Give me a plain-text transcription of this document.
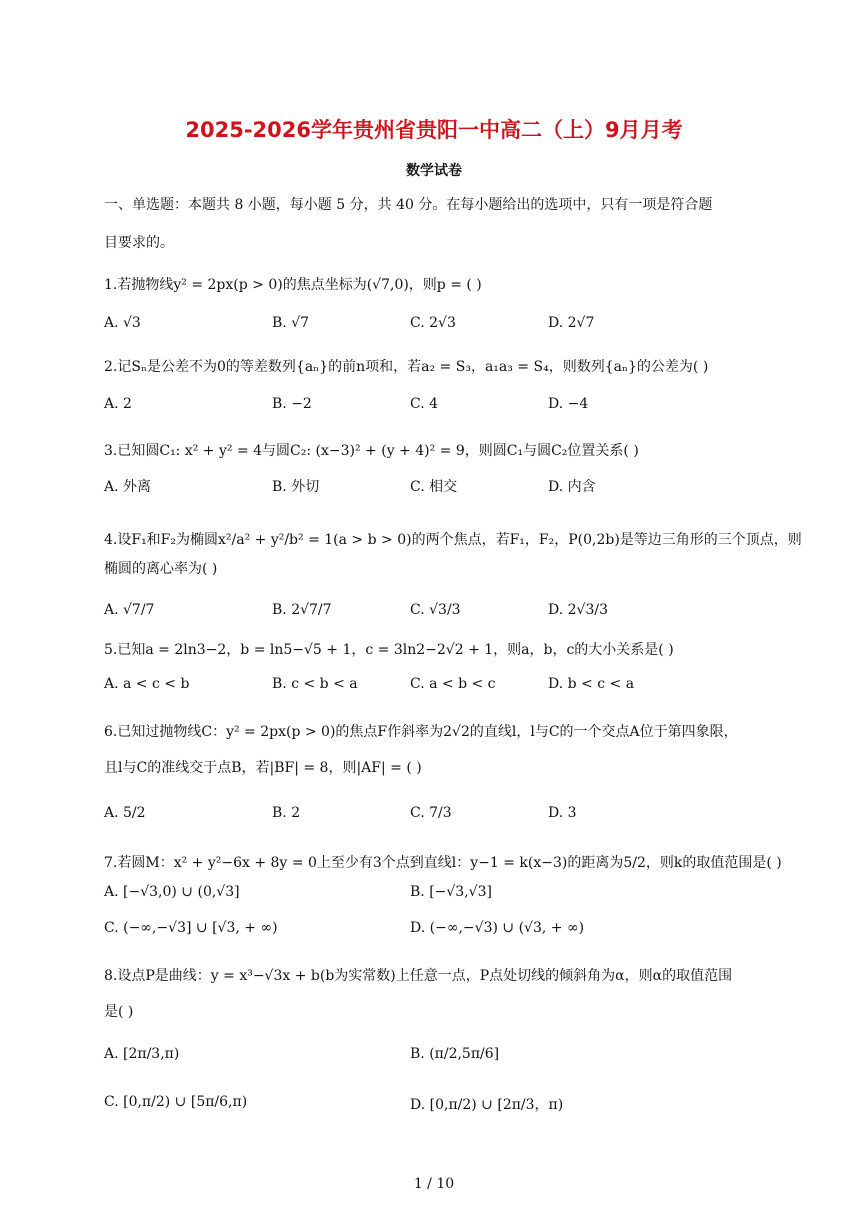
2025-2026学年贵州省贵阳一中高二（上）9月月考
数学试卷
一、单选题：本题共 8 小题，每小题 5 分，共 40 分。在每小题给出的选项中，只有一项是符合题
目要求的。
1.若抛物线y² = 2px(p > 0)的焦点坐标为(√7,0)，则p = ( )
A. √3	B. √7	C. 2√3	D. 2√7
2.记Sₙ是公差不为0的等差数列{aₙ}的前n项和，若a₂ = S₃，a₁a₃ = S₄，则数列{aₙ}的公差为( )
A. 2	B. −2	C. 4	D. −4
3.已知圆C₁: x² + y² = 4与圆C₂: (x−3)² + (y + 4)² = 9，则圆C₁与圆C₂位置关系( )
A. 外离	B. 外切	C. 相交	D. 内含
4.设F₁和F₂为椭圆x²/a² + y²/b² = 1(a > b > 0)的两个焦点，若F₁，F₂，P(0,2b)是等边三角形的三个顶点，则
椭圆的离心率为( )
A. √7/7	B. 2√7/7	C. √3/3	D. 2√3/3
5.已知a = 2ln3−2，b = ln5−√5 + 1，c = 3ln2−2√2 + 1，则a，b，c的大小关系是( )
A. a < c < b	B. c < b < a	C. a < b < c	D. b < c < a
6.已知过抛物线C：y² = 2px(p > 0)的焦点F作斜率为2√2的直线l，l与C的一个交点A位于第四象限，
且l与C的准线交于点B，若|BF| = 8，则|AF| = ( )
A. 5/2	B. 2	C. 7/3	D. 3
7.若圆M：x² + y²−6x + 8y = 0上至少有3个点到直线l：y−1 = k(x−3)的距离为5/2，则k的取值范围是( )
A. [−√3,0) ∪ (0,√3]	B. [−√3,√3]
C. (−∞,−√3] ∪ [√3, + ∞)	D. (−∞,−√3) ∪ (√3, + ∞)
8.设点P是曲线：y = x³−√3x + b(b为实常数)上任意一点，P点处切线的倾斜角为α，则α的取值范围
是( )
A. [2π/3,π)	B. (π/2,5π/6]
C. [0,π/2) ∪ [5π/6,π)	D. [0,π/2) ∪ [2π/3，π)
1 / 10
